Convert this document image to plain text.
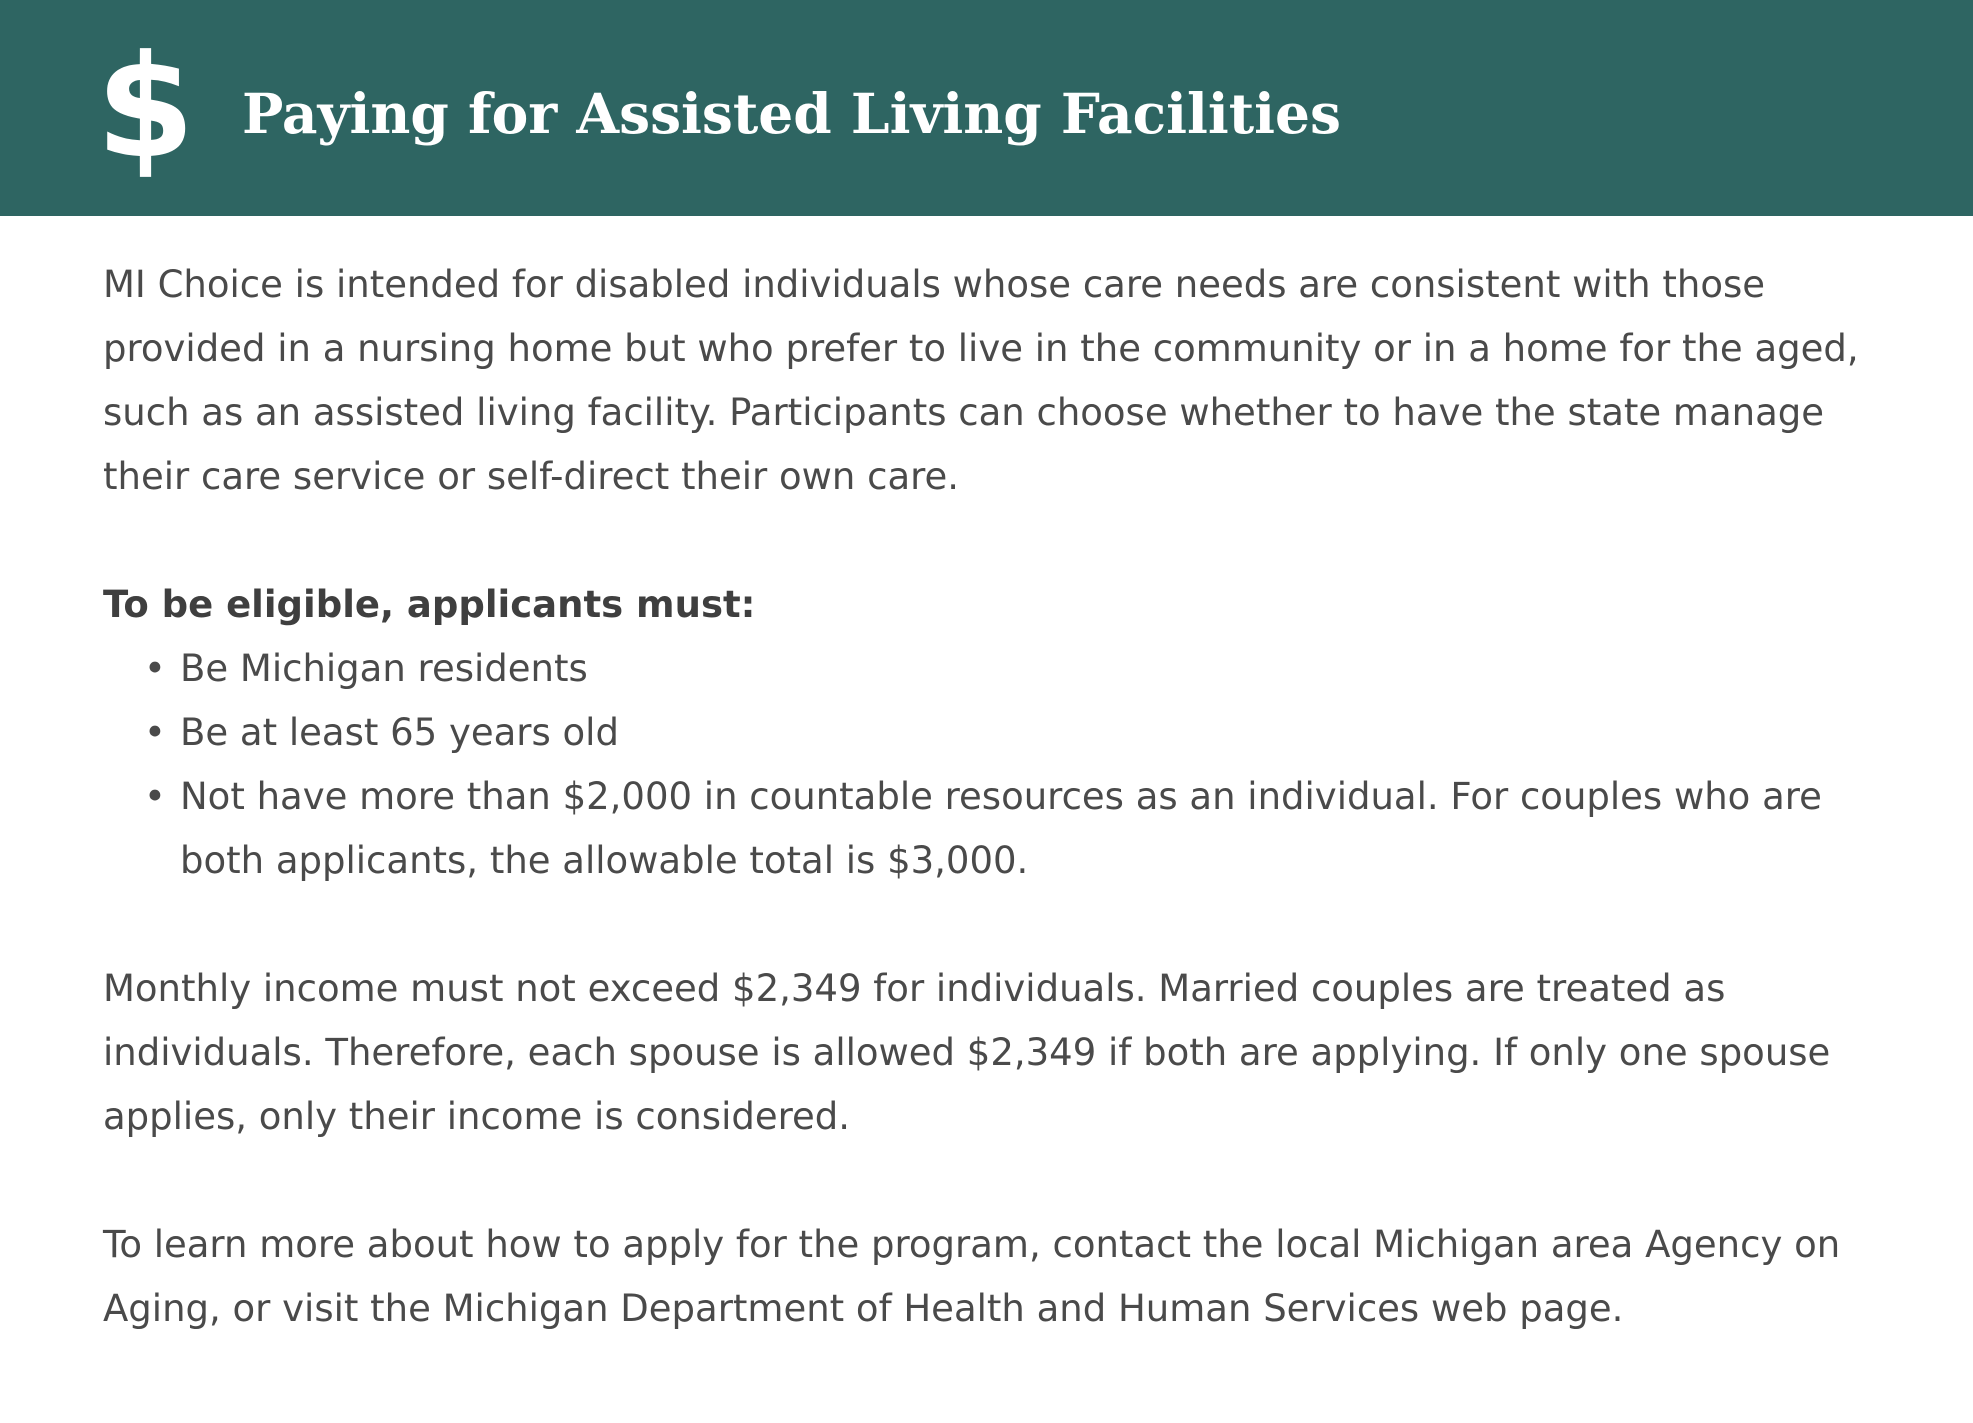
$ Paying for Assisted Living Facilities

MI Choice is intended for disabled individuals whose care needs are consistent with those provided in a nursing home but who prefer to live in the community or in a home for the aged, such as an assisted living facility. Participants can choose whether to have the state manage their care service or self-direct their own care.

To be eligible, applicants must:

• Be Michigan residents
• Be at least 65 years old
• Not have more than $2,000 in countable resources as an individual. For couples who are both applicants, the allowable total is $3,000.

Monthly income must not exceed $2,349 for individuals. Married couples are treated as individuals. Therefore, each spouse is allowed $2,349 if both are applying. If only one spouse applies, only their income is considered.

To learn more about how to apply for the program, contact the local Michigan area Agency on Aging, or visit the Michigan Department of Health and Human Services web page.
